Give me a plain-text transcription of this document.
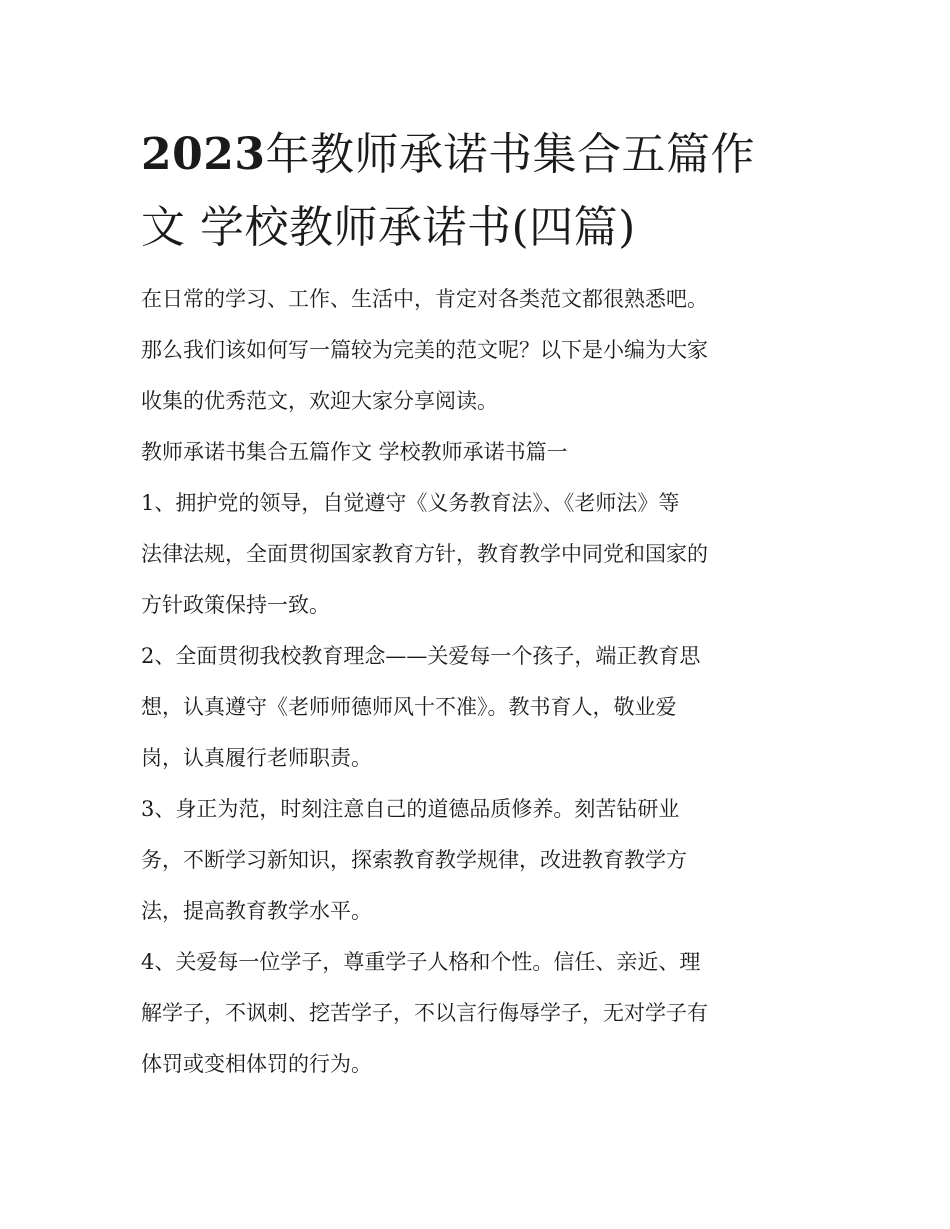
2023年教师承诺书集合五篇作
文 学校教师承诺书(四篇)
在日常的学习、工作、生活中，肯定对各类范文都很熟悉吧。
那么我们该如何写一篇较为完美的范文呢？以下是小编为大家
收集的优秀范文，欢迎大家分享阅读。
教师承诺书集合五篇作文 学校教师承诺书篇一
1、拥护党的领导，自觉遵守《义务教育法》、《老师法》等
法律法规，全面贯彻国家教育方针，教育教学中同党和国家的
方针政策保持一致。
2、全面贯彻我校教育理念——关爱每一个孩子，端正教育思
想，认真遵守《老师师德师风十不准》。教书育人，敬业爱
岗，认真履行老师职责。
3、身正为范，时刻注意自己的道德品质修养。刻苦钻研业
务，不断学习新知识，探索教育教学规律，改进教育教学方
法，提高教育教学水平。
4、关爱每一位学子，尊重学子人格和个性。信任、亲近、理
解学子，不讽刺、挖苦学子，不以言行侮辱学子，无对学子有
体罚或变相体罚的行为。
